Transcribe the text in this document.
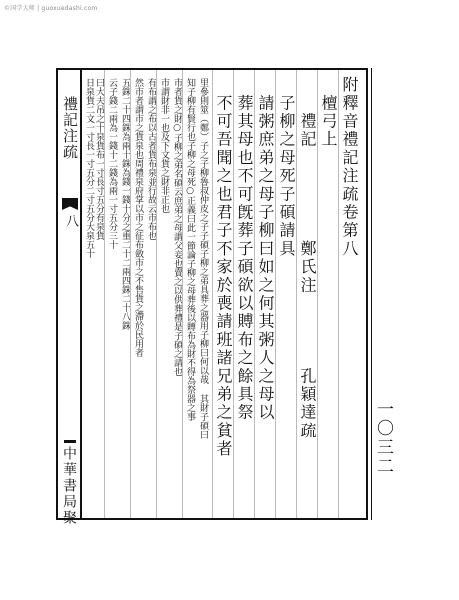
©国学大师 | guoxuedashi.com
禮記注疏
八
中華書局聚
一〇三二
附釋音禮記注疏卷第八
　檀弓上
　　禮記　　　　　鄭氏注　　　　孔穎達疏
　子柳之母死子碩請具
　請粥庶弟之母子柳曰如之何其粥人之母以
　葬其母也不可旣葬子碩欲以賻布之餘具祭
　不可吾聞之也君子不家於喪請班諸兄弟之貧者
里參則筮（鄭）子之子柳魯叔仲皮之子子碩子柳之弟具葬之器用子柳曰何以哉 其財子碩曰
知子柳有賢行也子柳之母死○正義曰此一節論子柳之母葬後以賻布為財不得為祭器之事
市者貨之財○子柳之弟名碩云庶弟之母謂父妾也賣之以供葬禮是子碩之請也
市謂財非一也及下文貨之財非正也
有布謂之布以古者貨布泉並行故云市布也
然市者謂市之貨泉也周禮泉府掌以市之征布斂市之不售貨之滯於民用者
五銖二十四銖為兩十銖為錢一錢十分之重二十二兩四銖二十八銖
云子錢二兩為一錢十二錢為兩一寸五分三十
曰大夫吊之十泉貨布一寸長寸五分有泉貨
日泉貨二文一寸長一寸五分二寸五分大泉五十
